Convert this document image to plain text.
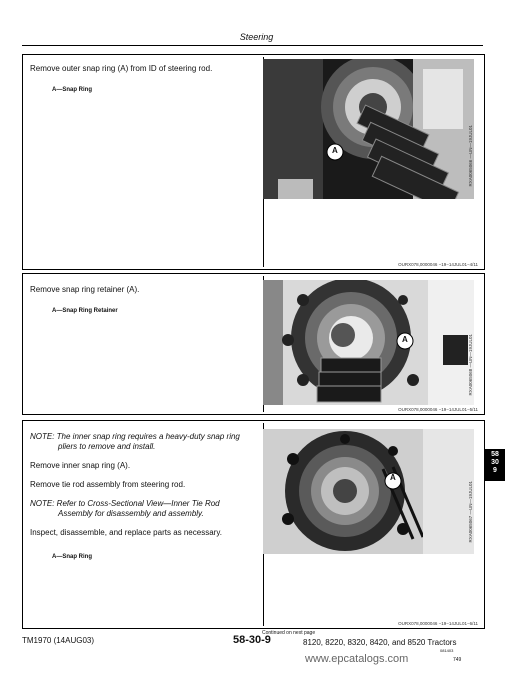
Steering

Remove outer snap ring (A) from ID of steering rod.

A—Snap Ring

A	RXA0065066 —UN—19JUL01
OURX078,0000046 −19−14JUL01−4/11

Remove snap ring retainer (A).

A—Snap Ring Retainer

A	RXA0065068 —UN—19JUL01
OURX078,0000046 −19−14JUL01−5/11

NOTE: The inner snap ring requires a heavy-duty snap ring pliers to remove and install.

Remove inner snap ring (A).

Remove tie rod assembly from steering rod.

NOTE: Refer to Cross-Sectional View—Inner Tie Rod Assembly for disassembly and assembly.

Inspect, disassemble, and replace parts as necessary.

A—Snap Ring

A
RXA0065067 —UN—19JUL01
OURX078,0000046 −19−14JUL01−6/11
58
30
9
Continued on next page
TM1970 (14AUG03)	58-30-9	8120, 8220, 8320, 8420, and 8520 Tractors
081403
www.epcatalogs.com	749
